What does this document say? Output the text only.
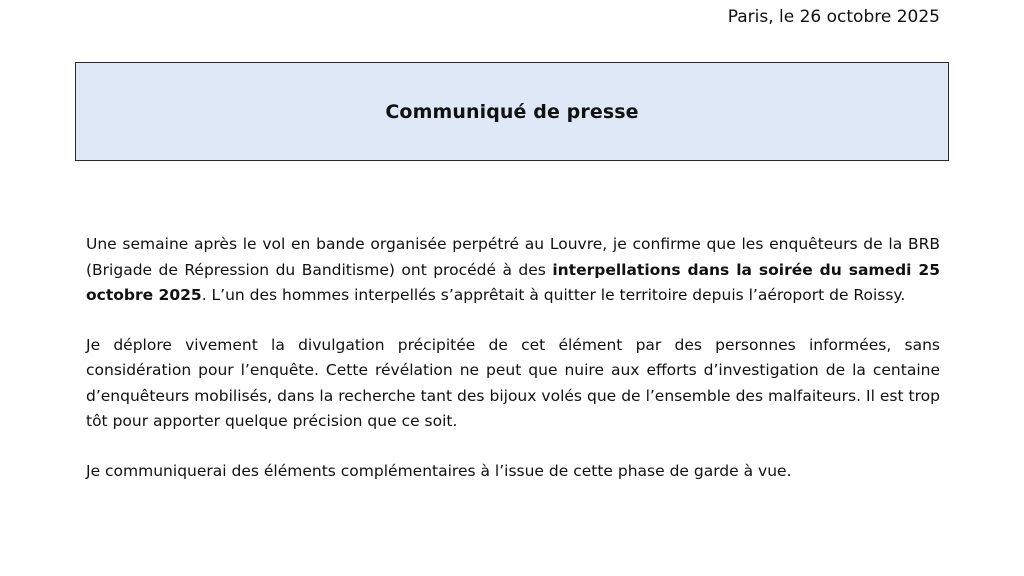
Paris, le 26 octobre 2025
Communiqué de presse

Une semaine après le vol en bande organisée perpétré au Louvre, je confirme que les enquêteurs de la BRB (Brigade de Répression du Banditisme) ont procédé à des interpellations dans la soirée du samedi 25 octobre 2025. L’un des hommes interpellés s’apprêtait à quitter le territoire depuis l’aéroport de Roissy.

Je déplore vivement la divulgation précipitée de cet élément par des personnes informées, sans considération pour l’enquête. Cette révélation ne peut que nuire aux efforts d’investigation de la centaine d’enquêteurs mobilisés, dans la recherche tant des bijoux volés que de l’ensemble des malfaiteurs. Il est trop tôt pour apporter quelque précision que ce soit.

Je communiquerai des éléments complémentaires à l’issue de cette phase de garde à vue.
